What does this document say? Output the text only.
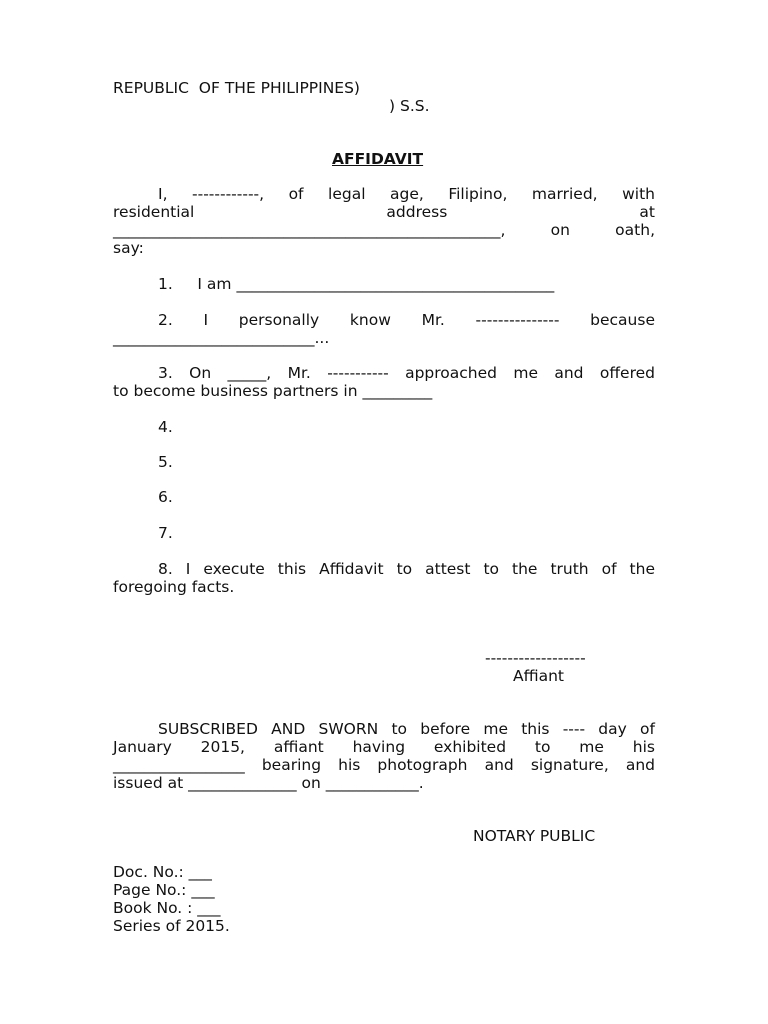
REPUBLIC  OF THE PHILIPPINES)
) S.S.
AFFIDAVIT
I, ------------, of legal age, Filipino, married, with
residential address at
__________________________________________________, on oath,
say:
1.     I am _________________________________________
2. I personally know Mr. --------------- because
__________________________...
3. On _____, Mr. ----------- approached me and offered
to become business partners in _________
4.
5.
6.
7.
8. I execute this Affidavit to attest to the truth of the
foregoing facts.
------------------
Affiant
SUBSCRIBED AND SWORN to before me this ---- day of
January 2015, affiant having exhibited to me his
_________________ bearing his photograph and signature, and
issued at ______________ on ____________.
NOTARY PUBLIC
Doc. No.: ___
Page No.: ___
Book No. : ___
Series of 2015.
